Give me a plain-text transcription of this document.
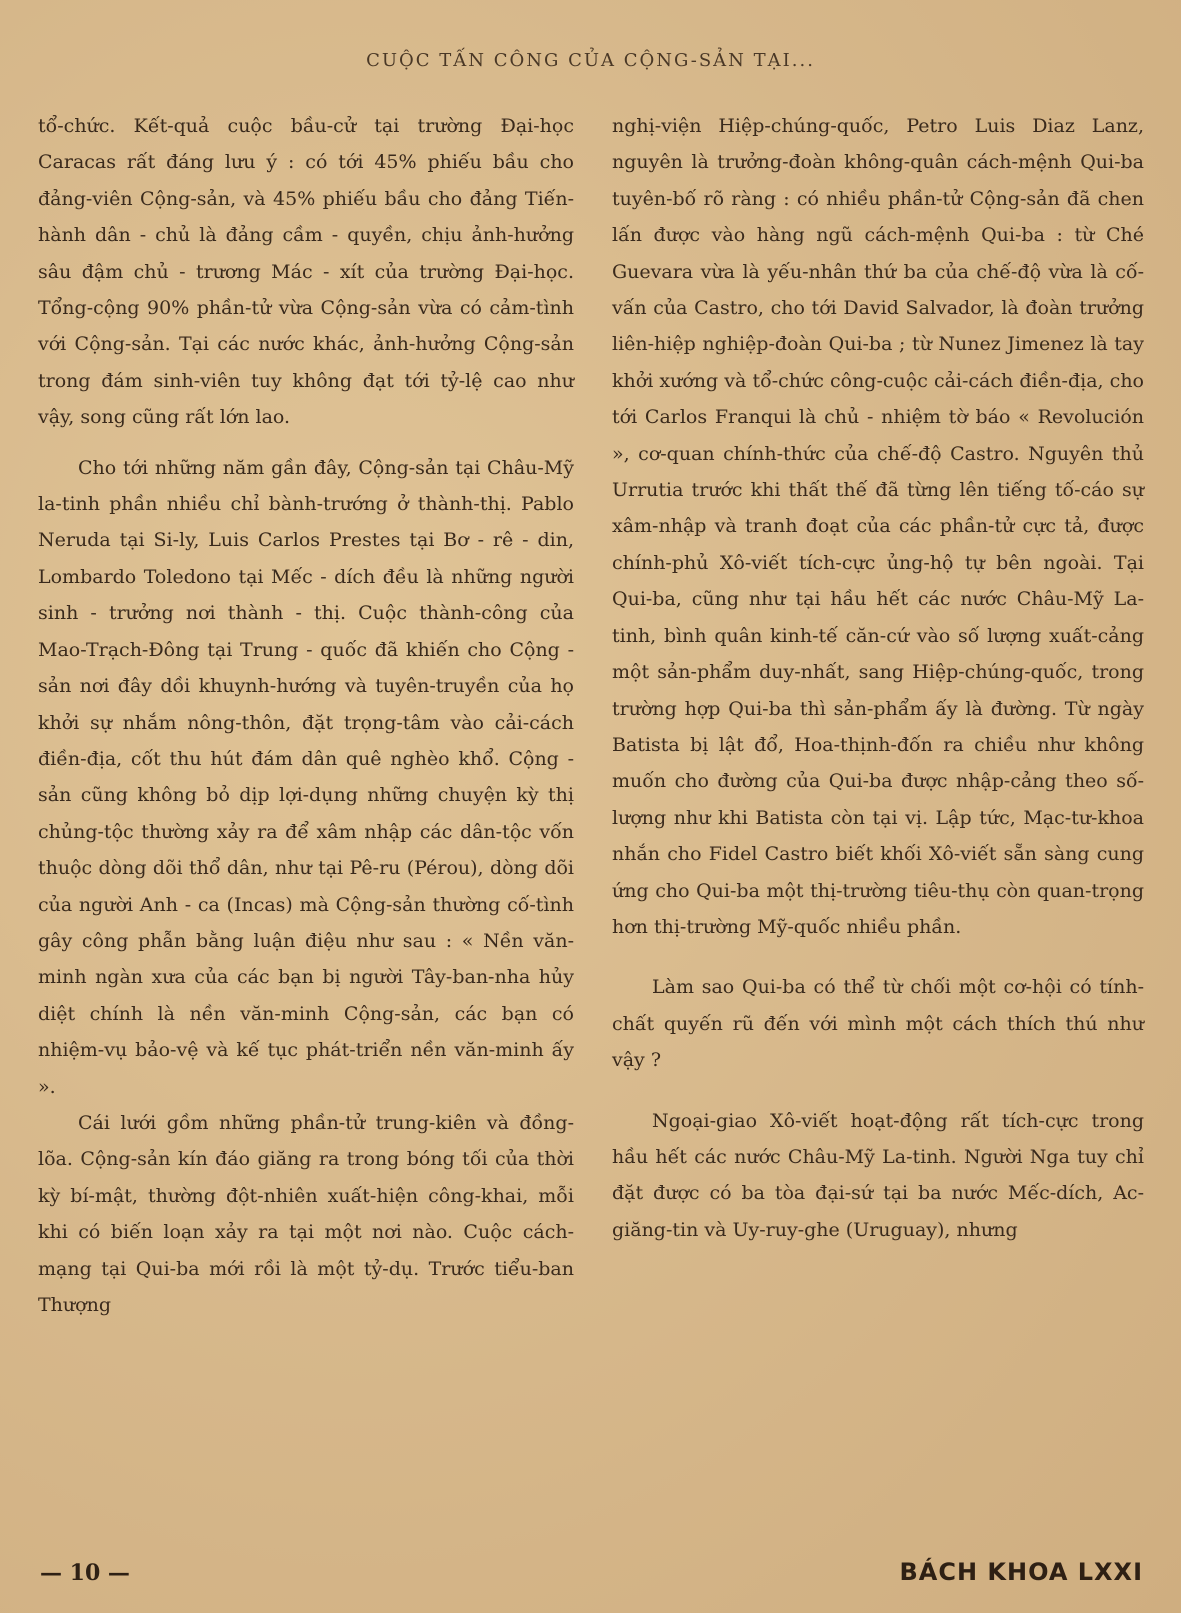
CUỘC TẤN CÔNG CỦA CỘNG-SẢN TẠI...

tổ-chức. Kết-quả cuộc bầu-cử tại trường Đại-học Caracas rất đáng lưu ý : có tới 45% phiếu bầu cho đảng-viên Cộng-sản, và 45% phiếu bầu cho đảng Tiến-hành dân - chủ là đảng cầm - quyền, chịu ảnh-hưởng sâu đậm chủ - trương Mác - xít của trường Đại-học. Tổng-cộng 90% phần-tử vừa Cộng-sản vừa có cảm-tình với Cộng-sản. Tại các nước khác, ảnh-hưởng Cộng-sản trong đám sinh-viên tuy không đạt tới tỷ-lệ cao như vậy, song cũng rất lớn lao.

Cho tới những năm gần đây, Cộng-sản tại Châu-Mỹ la-tinh phần nhiều chỉ bành-trướng ở thành-thị. Pablo Neruda tại Si-ly, Luis Carlos Prestes tại Bơ - rê - din, Lombardo Toledono tại Mếc - dích đều là những người sinh - trưởng nơi thành - thị. Cuộc thành-công của Mao-Trạch-Đông tại Trung - quốc đã khiến cho Cộng - sản nơi đây dồi khuynh-hướng và tuyên-truyền của họ khởi sự nhắm nông-thôn, đặt trọng-tâm vào cải-cách điền-địa, cốt thu hút đám dân quê nghèo khổ. Cộng - sản cũng không bỏ dịp lợi-dụng những chuyện kỳ thị chủng-tộc thường xảy ra để xâm nhập các dân-tộc vốn thuộc dòng dõi thổ dân, như tại Pê-ru (Pérou), dòng dõi của người Anh - ca (Incas) mà Cộng-sản thường cố-tình gây công phẫn bằng luận điệu như sau : « Nền văn-minh ngàn xưa của các bạn bị người Tây-ban-nha hủy diệt chính là nền văn-minh Cộng-sản, các bạn có nhiệm-vụ bảo-vệ và kế tục phát-triển nền văn-minh ấy ».

Cái lưới gồm những phần-tử trung-kiên và đồng-lõa. Cộng-sản kín đáo giăng ra trong bóng tối của thời kỳ bí-mật, thường đột-nhiên xuất-hiện công-khai, mỗi khi có biến loạn xảy ra tại một nơi nào. Cuộc cách-mạng tại Qui-ba mới rồi là một tỷ-dụ. Trước tiểu-ban Thượng

nghị-viện Hiệp-chúng-quốc, Petro Luis Diaz Lanz, nguyên là trưởng-đoàn không-quân cách-mệnh Qui-ba tuyên-bố rõ ràng : có nhiều phần-tử Cộng-sản đã chen lấn được vào hàng ngũ cách-mệnh Qui-ba : từ Ché Guevara vừa là yếu-nhân thứ ba của chế-độ vừa là cố-vấn của Castro, cho tới David Salvador, là đoàn trưởng liên-hiệp nghiệp-đoàn Qui-ba ; từ Nunez Jimenez là tay khởi xướng và tổ-chức công-cuộc cải-cách điền-địa, cho tới Carlos Franqui là chủ - nhiệm tờ báo « Revolución », cơ-quan chính-thức của chế-độ Castro. Nguyên thủ Urrutia trước khi thất thế đã từng lên tiếng tố-cáo sự xâm-nhập và tranh đoạt của các phần-tử cực tả, được chính-phủ Xô-viết tích-cực ủng-hộ tự bên ngoài. Tại Qui-ba, cũng như tại hầu hết các nước Châu-Mỹ La-tinh, bình quân kinh-tế căn-cứ vào số lượng xuất-cảng một sản-phẩm duy-nhất, sang Hiệp-chúng-quốc, trong trường hợp Qui-ba thì sản-phẩm ấy là đường. Từ ngày Batista bị lật đổ, Hoa-thịnh-đốn ra chiều như không muốn cho đường của Qui-ba được nhập-cảng theo số-lượng như khi Batista còn tại vị. Lập tức, Mạc-tư-khoa nhắn cho Fidel Castro biết khối Xô-viết sẵn sàng cung ứng cho Qui-ba một thị-trường tiêu-thụ còn quan-trọng hơn thị-trường Mỹ-quốc nhiều phần.

Làm sao Qui-ba có thể từ chối một cơ-hội có tính-chất quyến rũ đến với mình một cách thích thú như vậy ?

Ngoại-giao Xô-viết hoạt-động rất tích-cực trong hầu hết các nước Châu-Mỹ La-tinh. Người Nga tuy chỉ đặt được có ba tòa đại-sứ tại ba nước Mếc-dích, Ac-giăng-tin và Uy-ruy-ghe (Uruguay), nhưng

— 10 —	BÁCH KHOA LXXI
